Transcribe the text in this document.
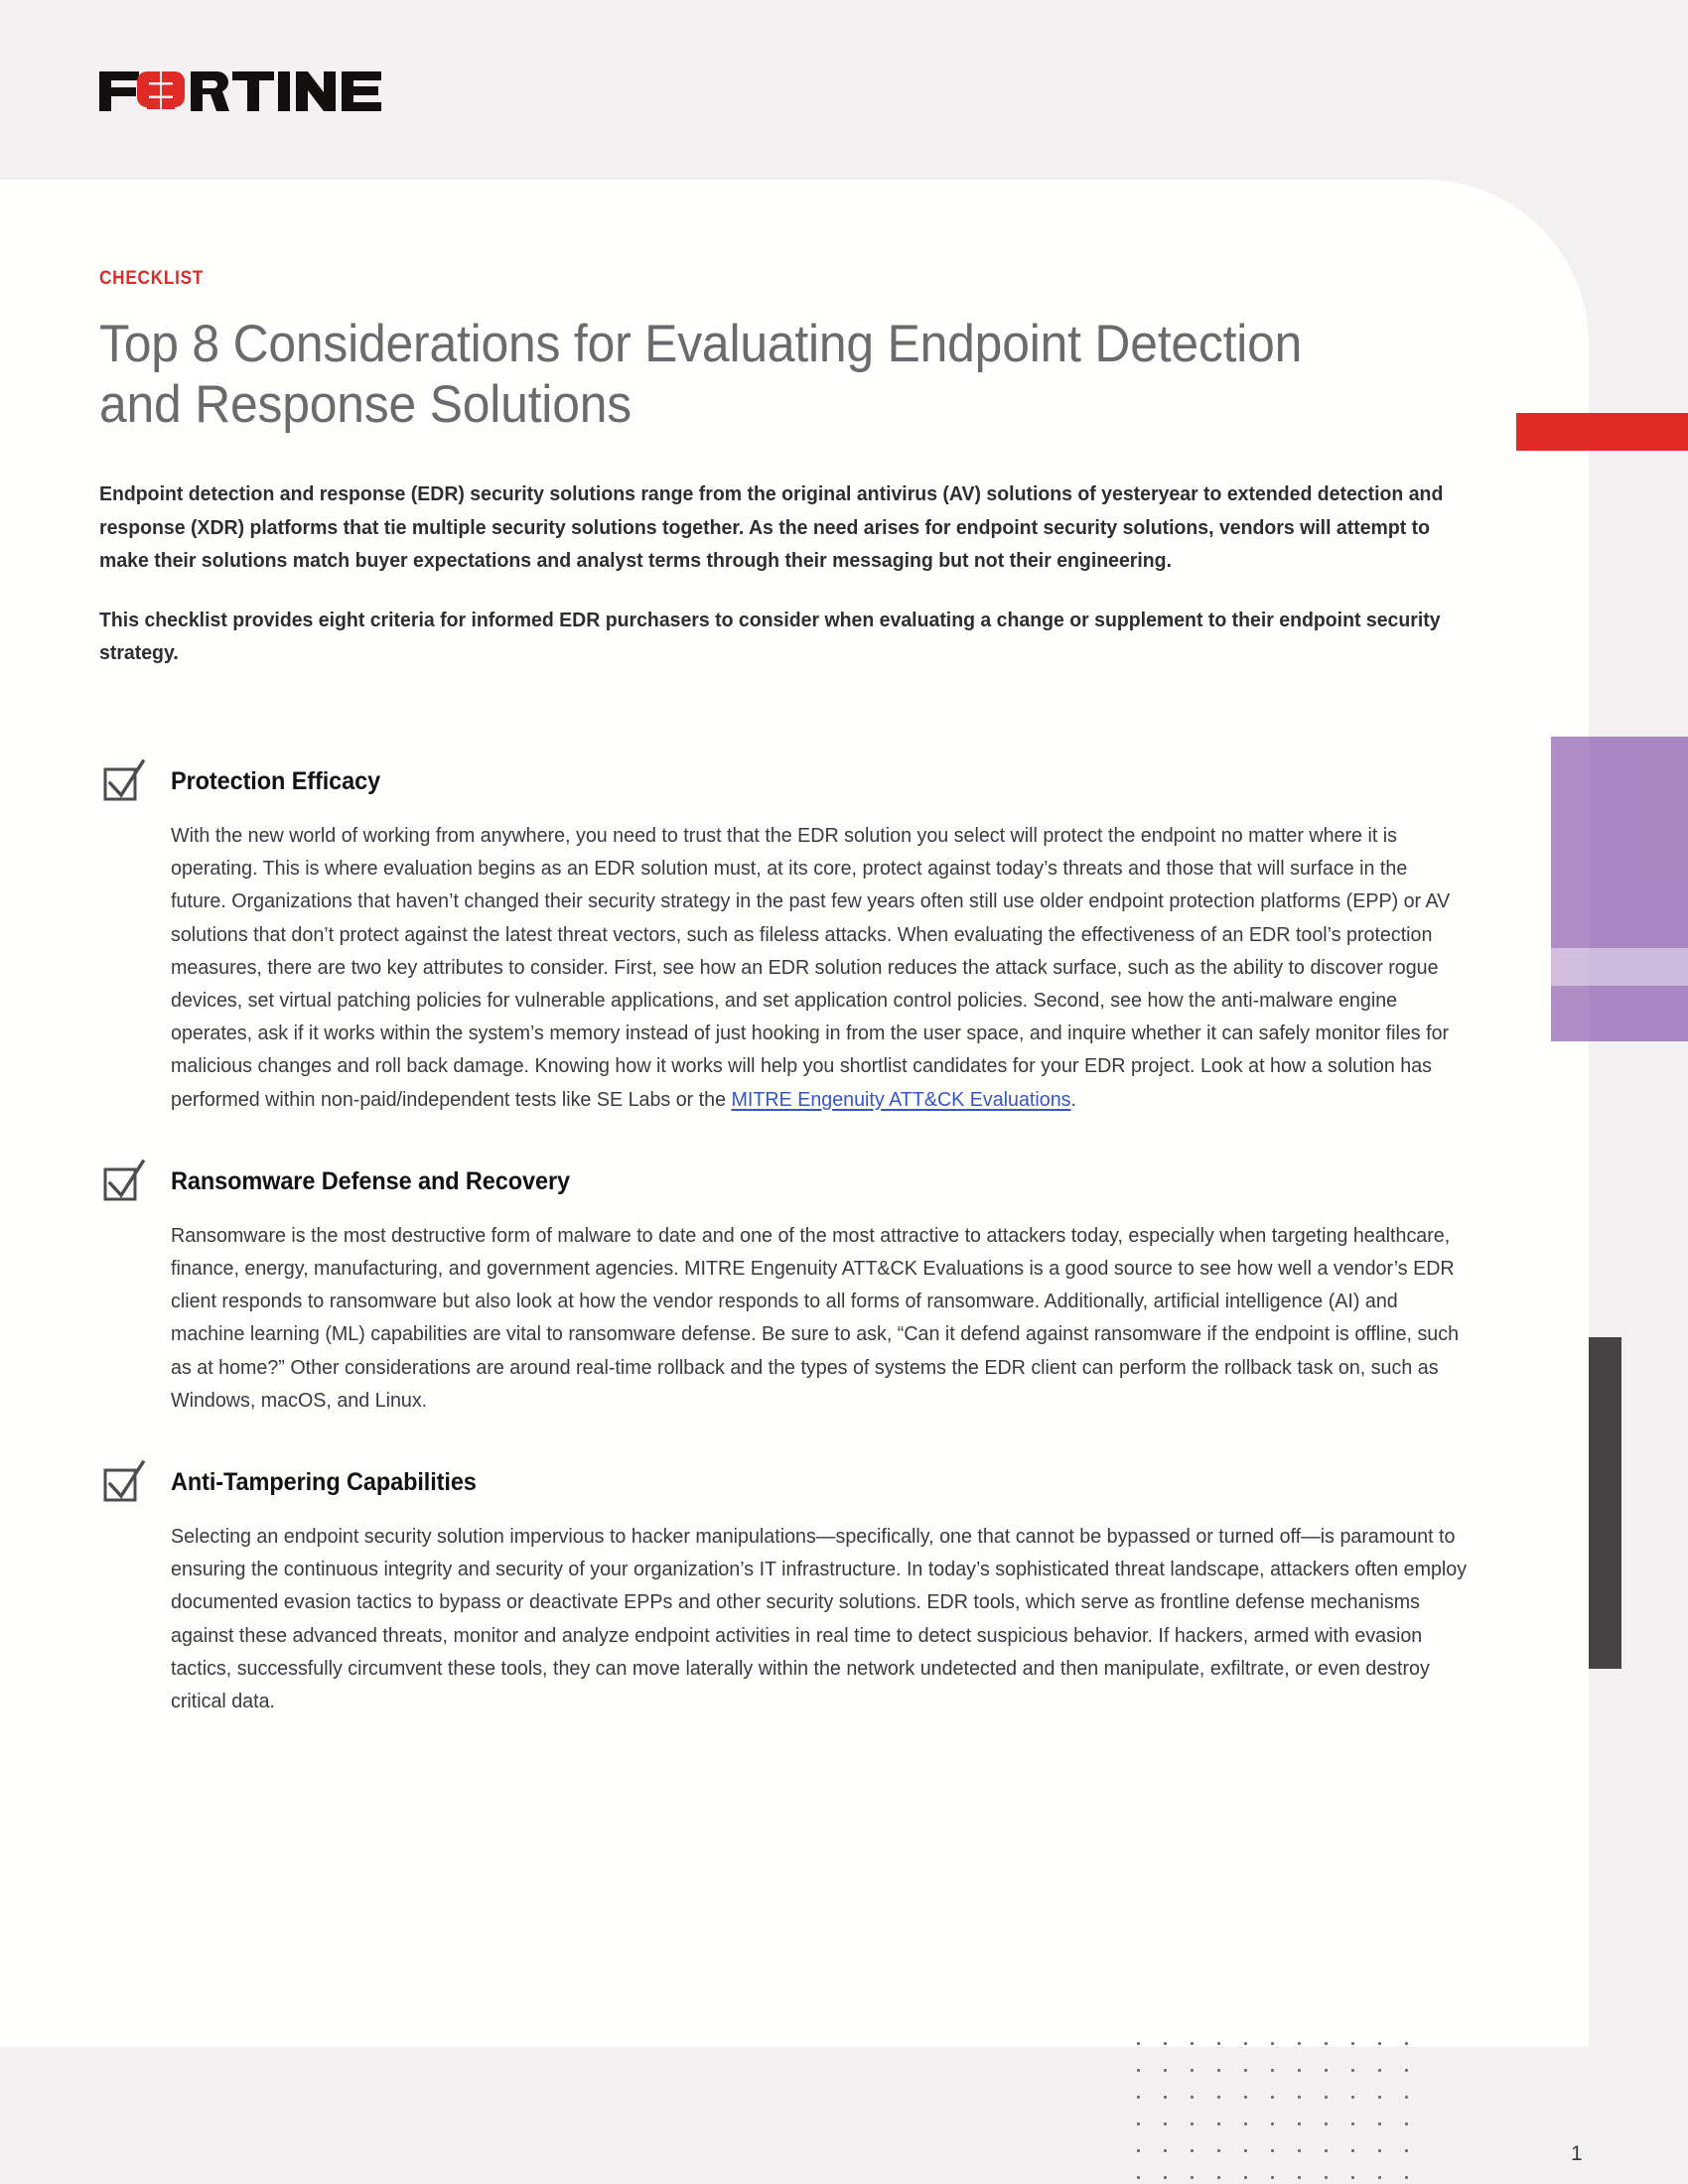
CHECKLIST
Top 8 Considerations for Evaluating Endpoint Detection and Response Solutions

Endpoint detection and response (EDR) security solutions range from the original antivirus (AV) solutions of yesteryear to extended detection and response (XDR) platforms that tie multiple security solutions together. As the need arises for endpoint security solutions, vendors will attempt to make their solutions match buyer expectations and analyst terms through their messaging but not their engineering.

This checklist provides eight criteria for informed EDR purchasers to consider when evaluating a change or supplement to their endpoint security strategy.

Protection Efficacy

With the new world of working from anywhere, you need to trust that the EDR solution you select will protect the endpoint no matter where it is operating. This is where evaluation begins as an EDR solution must, at its core, protect against today’s threats and those that will surface in the future. Organizations that haven’t changed their security strategy in the past few years often still use older endpoint protection platforms (EPP) or AV solutions that don’t protect against the latest threat vectors, such as fileless attacks. When evaluating the effectiveness of an EDR tool’s protection measures, there are two key attributes to consider. First, see how an EDR solution reduces the attack surface, such as the ability to discover rogue devices, set virtual patching policies for vulnerable applications, and set application control policies. Second, see how the anti-malware engine operates, ask if it works within the system’s memory instead of just hooking in from the user space, and inquire whether it can safely monitor files for malicious changes and roll back damage. Knowing how it works will help you shortlist candidates for your EDR project. Look at how a solution has performed within non-paid/independent tests like SE Labs or the MITRE Engenuity ATT&CK Evaluations.

Ransomware Defense and Recovery

Ransomware is the most destructive form of malware to date and one of the most attractive to attackers today, especially when targeting healthcare, finance, energy, manufacturing, and government agencies. MITRE Engenuity ATT&CK Evaluations is a good source to see how well a vendor’s EDR client responds to ransomware but also look at how the vendor responds to all forms of ransomware. Additionally, artificial intelligence (AI) and machine learning (ML) capabilities are vital to ransomware defense. Be sure to ask, “Can it defend against ransomware if the endpoint is offline, such as at home?” Other considerations are around real-time rollback and the types of systems the EDR client can perform the rollback task on, such as Windows, macOS, and Linux.

Anti-Tampering Capabilities

Selecting an endpoint security solution impervious to hacker manipulations—specifically, one that cannot be bypassed or turned off—is paramount to ensuring the continuous integrity and security of your organization’s IT infrastructure. In today’s sophisticated threat landscape, attackers often employ documented evasion tactics to bypass or deactivate EPPs and other security solutions. EDR tools, which serve as frontline defense mechanisms against these advanced threats, monitor and analyze endpoint activities in real time to detect suspicious behavior. If hackers, armed with evasion tactics, successfully circumvent these tools, they can move laterally within the network undetected and then manipulate, exfiltrate, or even destroy critical data.

1
